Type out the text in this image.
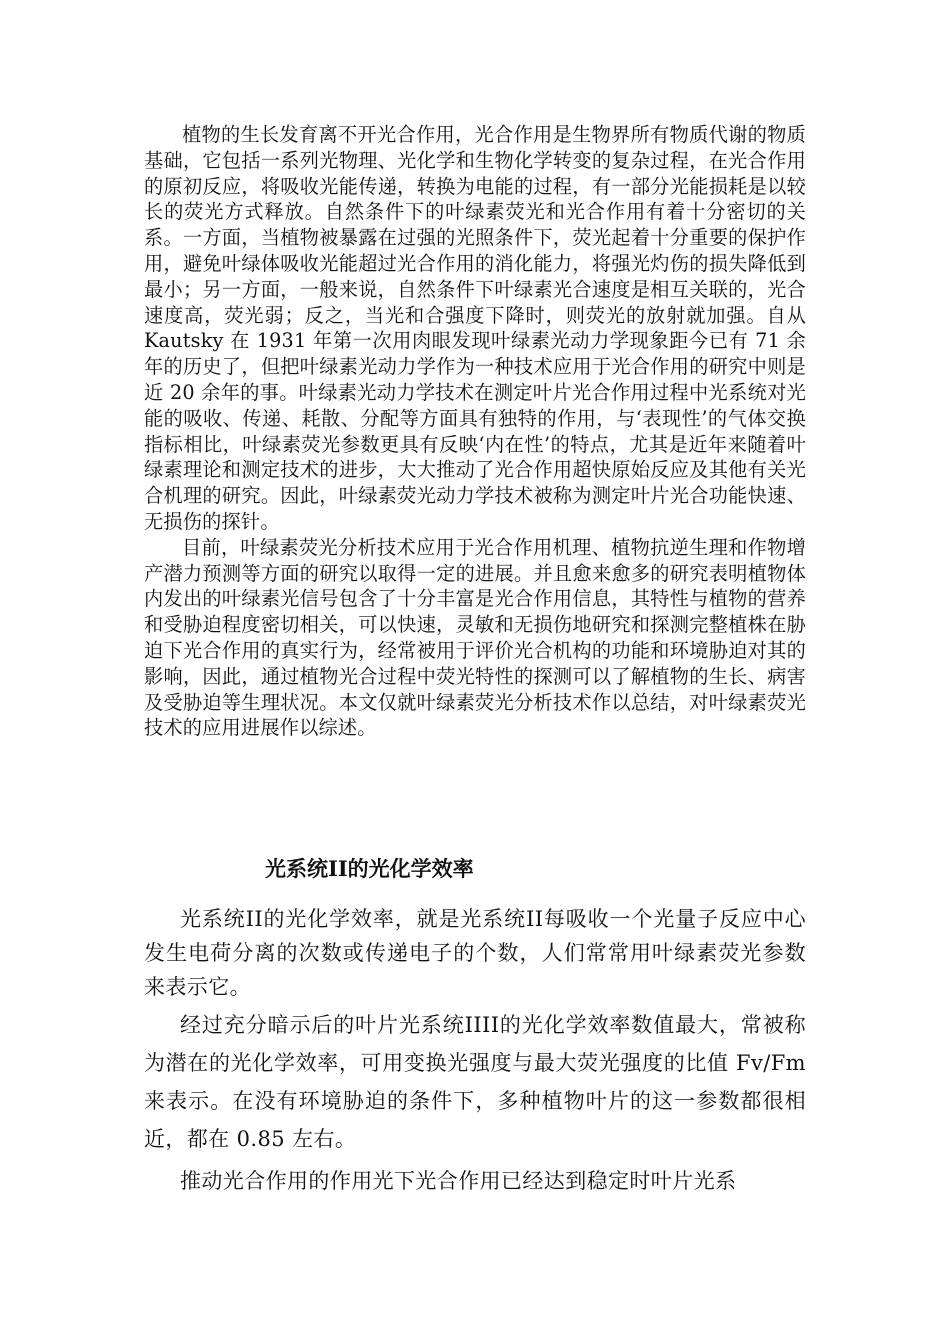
植物的生长发育离不开光合作用，光合作用是生物界所有物质代谢的物质基础，它包括一系列光物理、光化学和生物化学转变的复杂过程，在光合作用的原初反应，将吸收光能传递，转换为电能的过程，有一部分光能损耗是以较长的荧光方式释放。自然条件下的叶绿素荧光和光合作用有着十分密切的关系。一方面，当植物被暴露在过强的光照条件下，荧光起着十分重要的保护作用，避免叶绿体吸收光能超过光合作用的消化能力，将强光灼伤的损失降低到最小；另一方面，一般来说，自然条件下叶绿素光合速度是相互关联的，光合速度高，荧光弱；反之，当光和合强度下降时，则荧光的放射就加强。自从 Kautsky 在 1931 年第一次用肉眼发现叶绿素光动力学现象距今已有 71 余年的历史了，但把叶绿素光动力学作为一种技术应用于光合作用的研究中则是近 20 余年的事。叶绿素光动力学技术在测定叶片光合作用过程中光系统对光能的吸收、传递、耗散、分配等方面具有独特的作用，与‘表现性’的气体交换指标相比，叶绿素荧光参数更具有反映‘内在性’的特点，尤其是近年来随着叶绿素理论和测定技术的进步，大大推动了光合作用超快原始反应及其他有关光合机理的研究。因此，叶绿素荧光动力学技术被称为测定叶片光合功能快速、无损伤的探针。

目前，叶绿素荧光分析技术应用于光合作用机理、植物抗逆生理和作物增产潜力预测等方面的研究以取得一定的进展。并且愈来愈多的研究表明植物体内发出的叶绿素光信号包含了十分丰富是光合作用信息，其特性与植物的营养和受胁迫程度密切相关，可以快速，灵敏和无损伤地研究和探测完整植株在胁迫下光合作用的真实行为，经常被用于评价光合机构的功能和环境胁迫对其的影响，因此，通过植物光合过程中荧光特性的探测可以了解植物的生长、病害及受胁迫等生理状况。本文仅就叶绿素荧光分析技术作以总结，对叶绿素荧光技术的应用进展作以综述。

光系统II的光化学效率

光系统II的光化学效率，就是光系统II每吸收一个光量子反应中心发生电荷分离的次数或传递电子的个数，人们常常用叶绿素荧光参数来表示它。

经过充分暗示后的叶片光系统IIII的光化学效率数值最大，常被称为潜在的光化学效率，可用变换光强度与最大荧光强度的比值 Fv/Fm 来表示。在没有环境胁迫的条件下，多种植物叶片的这一参数都很相近，都在 0.85 左右。

推动光合作用的作用光下光合作用已经达到稳定时叶片光系
